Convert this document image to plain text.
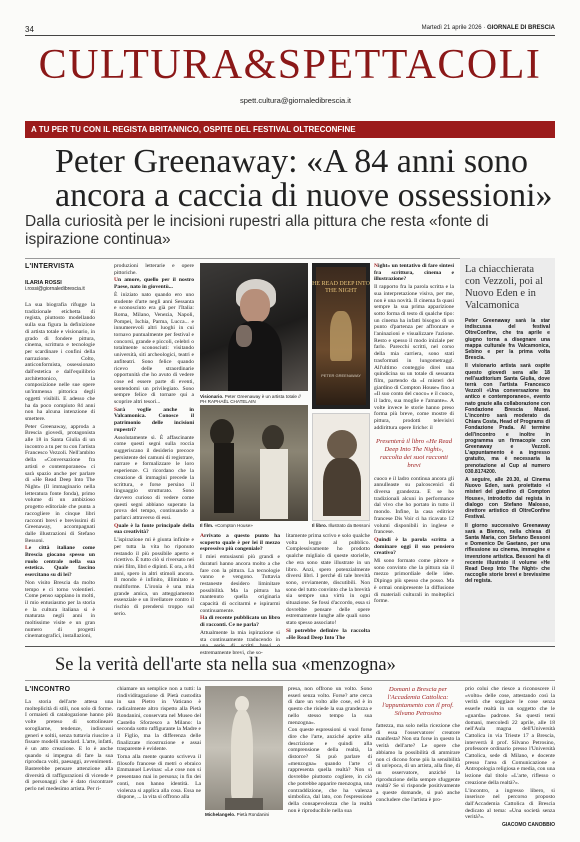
34	Martedì 21 aprile 2026 · GIORNALE DI BRESCIA
CULTURA&SPETTACOLI
spett.cultura@giornaledibrescia.it
A TU PER TU CON IL REGISTA BRITANNICO, OSPITE DEL FESTIVAL OLTRECONFINE
Peter Greenaway: «A 84 anni sono ancora a caccia di nuove ossessioni»
Dalla curiosità per le incisioni rupestri alla pittura che resta «fonte di ispirazione continua»
L'INTERVISTA
ILARIA ROSSI
i.rossi@giornaledibrescia.it

La sua biografia rifugge la tradizionale etichetta di regista, piuttosto modellando sulla sua figura la definizione di artista totale e visionario, in grado di fondere pittura, cinema, scrittura e tecnologie per scardinare i confini della narrazione. Colto, anticonformista, ossessionato dall'estetica e dall'equilibrio architettonico, la composizione nelle sue opere un'immensa pittorica degli oggetti visibili. E adesso che ha da poco compiuto 84 anni non ha alcuna intenzione di smettere.

Peter Greenaway, approda a Brescia giovedì, protagonista alle 18 in Santa Giulia di un incontro a tu per tu con l'artista Francesco Vezzoli. Nell'ambito della «Conversazione fra artisti e contemporaneo» ci sarà spazio anche per parlare di «He Read Deep Into The Night» (Il immaginario nella letteratura fonte fonda), primo volume di un ambizioso progetto editoriale che punta a raccogliere in cinque libri racconti brevi e brevissimi di Greenaway, accompagnati dalle illustrazioni di Stefano Bessoni.

Le città italiane come Brescia giocano spesso un ruolo centrale nella sua estetica. Quale fascino esercitano su di lei?

Non visito Brescia da molto tempo e ci torno volentieri. Come penso sappiano in molti, il mio entusiasmo per la storia e la cultura italiana si è maturata negli anni in moltissime visite e un gran numero di progetti cinematografici, installazioni,

produzioni letterarie e opere pittoriche.

Un amore, quello per il nostro Paese, nato in gioventù...

È iniziato nato quando ero uno studente d'arte negli anni Sessanta e sconosciuto era già per l'Italia: Roma, Milano, Venezia, Napoli, Pompei, Ischia, Parma, Lucca... e innumerevoli altri luoghi in cui tornavo puntualmente per festival e concorsi, grande e piccoli, celebri o totalmente sconosciuti: visitando università, siti archeologici, teatri e anfiteatri. Sono felice quando ricevo delle straordinarie opportunità che ho avuto di vedere cose ed essere parte di eventi, sentendomi un privilegiato. Sono sempre felice di tornare qui a scoprire altri tesori...

Sarà voglie anche in Valcamonica. Conosce il patrimonio delle incisioni rupestri?

Assolutamente sì. È affascinante come questi segni sulla roccia suggeriscano il desiderio precoce persistente dei camuni di registrare, narrare e formalizzare le loro esperienze. Ci ricordano che la creazione di immagini precede la scrittura, e forse persino il linguaggio strutturato. Sono davvero curioso di vedere come questi segni abbiano superato la prova del tempo, continuando a parlarci attraverso di essi.

Quale è la fonte principale della sua creatività?

L'ispirazione mi è giunta infinite e per tutta la vita ho riponuto restando il più possibile aperto e ricettivo. È tutto ciò si riversato nei miei film, libri e dipinti. E ora, a 84 anni, spero in altri stimoli ancora. Il mondo è infinito, illimitato e multiforme. L'ironia è una mia grande amica, un atteggiamento essenziale e un livellatore contro il rischio di prendersi troppo sul serio.

Visionario. Peter Greenaway è un artista totale // PH RAPHAËL CHATELAIN
HE READ DEEP INTO THE NIGHT
PETER GREENAWAY
Il film. «Compton House»	Il libro. Illustrato da Bessoni

Arrivato a questo punto ha scoperto quale è per lei il mezzo espressivo più congeniale?

I miei entusiasmi più grandi e duraturi hanno ancora molto a che fare con la pittura. La tecnologie vanno e vengono. Tuttavia restaneste desidero liminitare possibilità. Ma la pittura ha mantenuto quella originaria capacità di occitarmi e ispirarmi continuamente.

Ha di recente pubblicato un libro di racconti. Ce ne parla?

Attualmente la mia ispirazione si sta continuamente traducendo in una serie di scritti brevi o estremamente brevi, che so-

litamente prima scrivo e solo qualche volta leggo al pubblico. Complessivamente ho prodotto qualche migliaio di queste storielle, che era sono state illustrate in un libro. Anzi, spero potenzialmente diversi libri. I perché di tale brevità sono, ovviamente, discutibili. Non sono del tutto convinto che la brevità sia sempre una virtù in ogni situazione. Se fossi d'accordo, essa si dovrebbe pensare delle opere estremamente lunghe alle quali sono stato spesso associato!

Si potrebbe definire la raccolta «He Read Deep Into The

Night» un tentativo di fare sintesi fra scrittura, cinema e illustrazione?

Il rapporto fra la parola scritta e la sua interpretazione visiva, per me, non è una novità. Il cinema fa quasi sempre la sua prima apparizione sotto forma di testo di qualche tipo: un cinema ha infatti bisogno di un punto d'partenza per affrontare e l'aninazioni e visualizzare l'azione. Resto e spesso il modo iniziale per farlo. Parecchi scritti, nel corso della mia carriera, sono stati trasformati in lungometraggi. All'ultimo conteggio direi una quindicina su un totale di sessanta film, partendo da «I misteri del giardino di Compton House» fino a «Il suo conto del cuoco» e il cuoco, il ladro, sua moglie e l'amante». A volte invece le storie hanno preso forma più breve, come mostre di pittura, prodotti televisivi addirittura opere liriche: il

Presenterà il libro «He Read Deep Into The Night», raccolta dei suoi racconti brevi

cuoco e il ladro continua ancora gli annulleaste su palcoscenici di diversa grandezza. E se ho tradizionali alcuni in performance dal vivo che ho portato in tutto il mondo. Infine, la casa editrice francese Dis Voir ci ha ricavato 12 volumi disponibili in inglese e francese.

Quindi è la parola scritta a dominare oggi il suo pensiero creativo?

Mi sono formato come pittore e sono convinto che la pittura sia il mezzo primordiale delle idee. Dipingo più spesso che posso. Ma è ormai onnipresente la diffusione di materiali culturali in molteplici forme.

La chiacchierata con Vezzoli, poi al Nuovo Eden e in Valcamonica

Peter Greenaway sarà la star indiscussa del festival OltreConfine, che tra aprile e giugno torna a disegnare una mappa culturale fra Valcamonica, Sebino e per la prima volta Brescia.

Il visionario artista sarà ospite questo giovedì sera alle 18 nell'auditorium Santa Giulia, dove terrà con l'artista Francesco Vezzoli «Una conversazione tra antico e contemporaneo», evento nato grazie alla collaborazione con Fondazione Brescia Musei. L'incontro sarà moderato da Chiara Costa, Head of Programs di Fondazione Prada. Al termine dell'incontro e inoltre in programma un firmacopie con Greenaway e Vezzoli. L'appuntamento è a ingresso gratuito, ma è necessaria la prenotazione al Cup al numero 030.8174200.

A seguire, alle 20.30, al Cinema Nuovo Eden, sarà proiettato «I misteri del giardino di Compton House», introdotto dal regista in dialogo con Stefano Malosso, direttore artistico di OltreConfine Festival.

Il giorno successivo Greenaway sarà a Bienno, nella chiesa di Santa Maria, con Stefano Bessoni e Domenico De Gaetano, per una riflessione su cinema, immagine e invenzione artistica. Bessoni ha di recente illustrato il volume «He Read Deep Into The Night» che raccoglie storie brevi e brevissime del regista.

Se la verità dell'arte sta nella sua «menzogna»
L'INCONTRO

La storia dell'arte attesa una molteplicità di stili, non solo di forme. I ormaieti di catalogazione hanno più volte preteso di sottolineare sorogliarne, tendenze, indiscussi generi e soltii, senza tuttavia riuscire a fissare modelli standard. L'arte, infatti, è un atto creazione. E lo è anche quando si impegna di fare la sua riproduca volti, paesaggi, avvenimenti. Basterebbe pensare attenzione alla diversità di raffigurazioni di vicende e di personaggi che è dato riscontrare perlo nel medesimo artista. Per ri-

chiamare un semplice non a tutti: la rindividitagazione di Pietà custodita in san Pietro in Vaticano è radicalmente altro rispetto alla Pietà Rondanini, conservata nel Museo del Castello Sforzesco a Milano: la seconda sotto raffigurante la Madre e il Figlio, ma la differenza delle finalizzate ricostruzione e assai trasparente è evidente.

Torna alla mente quanto scriveva il filosofo francese di metri o ebraico Emmanuel Levinas: «Le cose non si presentano mai in persona; in fin dei conti, non hanno identità. La violenza si applica alla cosa. Essa ne dispone, ... la vita si offrono alla

Michelangelo. Pietà Rondanini

presa, non offrono un volto. Sono esseri senza volto. Forse? arte cerca di dare un volto alle cose, ed è in questo che risiede la sua grandezza e nello stesso tempo la sua menzogna».

Con queste espressioni si vuol forse dire che l'arte, anziché aprire alla descrizione e quindi alla comprensione della realtà, la distorce? Si può parlare di «menzogna» quando l'arte ci rappresenta quella realtà? Non si dovrebbe piuttosto cogliere, in ciò che potrebbe apparire menzogna, una contraddizione, che ha valenza simbolica, dal lato, con l'espressione della consapevolezza che la realtà non è riproducibile nella sua

Domani a Brescia per l'Accademia Cattolica: l'appuntamento con il prof. Silvano Petrosino

fattezza, ma solo nella ricezione che di essa l'osservatore/ creatore manifesta? Non sta forse in questo la verità dell'arte? Le opere che abbiamo la possibilità di ammirare non ci dicono forse più la sensibilità di un'epoca, di un artista, alla fine, di un osservatore, anziché la riproduzione della sempre sfuggente realtà? Se si risponde positivamente a queste domande, si può anche concludere che l'artista è pro-

prio colui che riesce a riconoscere il «volto» delle cose, attestando così la verità che soggiace le cose senza esserle realtà in un soggetto che le «guarda» padrone. Su questi temi domani, mercoledì 22 aprile, alle 18 nell'Aula magna dell'Università Cattolica in via Trieste 17 a Brescia, interverrà il prof. Silvano Petrosino, professore ordinario presso l'Università Cattolica, sede di Milano, e docente presso l'area di Comunicazione e Antropologia religiosa e media, con una lezione dal titolo «L'arte, riflesso o creazione della realtà?».

L'incontro, a ingresso libero, si inserisce nel percorso proposto dall'Accademia Cattolica di Brescia dedicato al tema: «Una società senza verità?».

GIACOMO CANOBBIO
